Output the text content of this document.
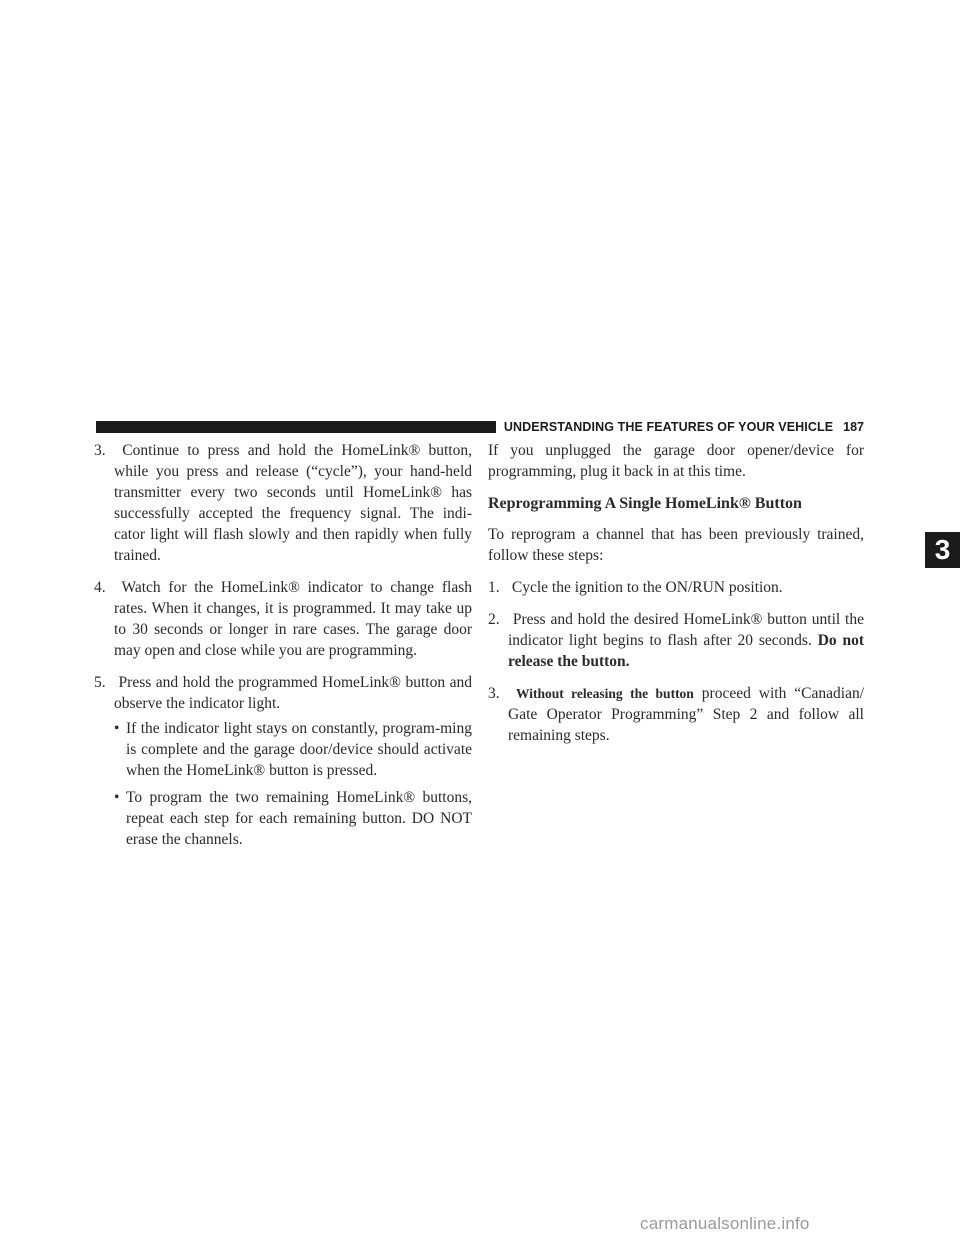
UNDERSTANDING THE FEATURES OF YOUR VEHICLE 187
3. Continue to press and hold the HomeLink® button, while you press and release (“cycle”), your hand-held transmitter every two seconds until HomeLink® has successfully accepted the frequency signal. The indi-cator light will flash slowly and then rapidly when fully trained.
4. Watch for the HomeLink® indicator to change flash rates. When it changes, it is programmed. It may take up to 30 seconds or longer in rare cases. The garage door may open and close while you are programming.
5. Press and hold the programmed HomeLink® button and observe the indicator light.
• If the indicator light stays on constantly, program-ming is complete and the garage door/device should activate when the HomeLink® button is pressed.
• To program the two remaining HomeLink® buttons, repeat each step for each remaining button. DO NOT erase the channels.

If you unplugged the garage door opener/device for programming, plug it back in at this time.

Reprogramming A Single HomeLink® Button

To reprogram a channel that has been previously trained, follow these steps:

1. Cycle the ignition to the ON/RUN position.
2. Press and hold the desired HomeLink® button until the indicator light begins to flash after 20 seconds. Do not release the button.
3. Without releasing the button proceed with “Canadian/ Gate Operator Programming” Step 2 and follow all remaining steps.
3
carmanualsonline.info
